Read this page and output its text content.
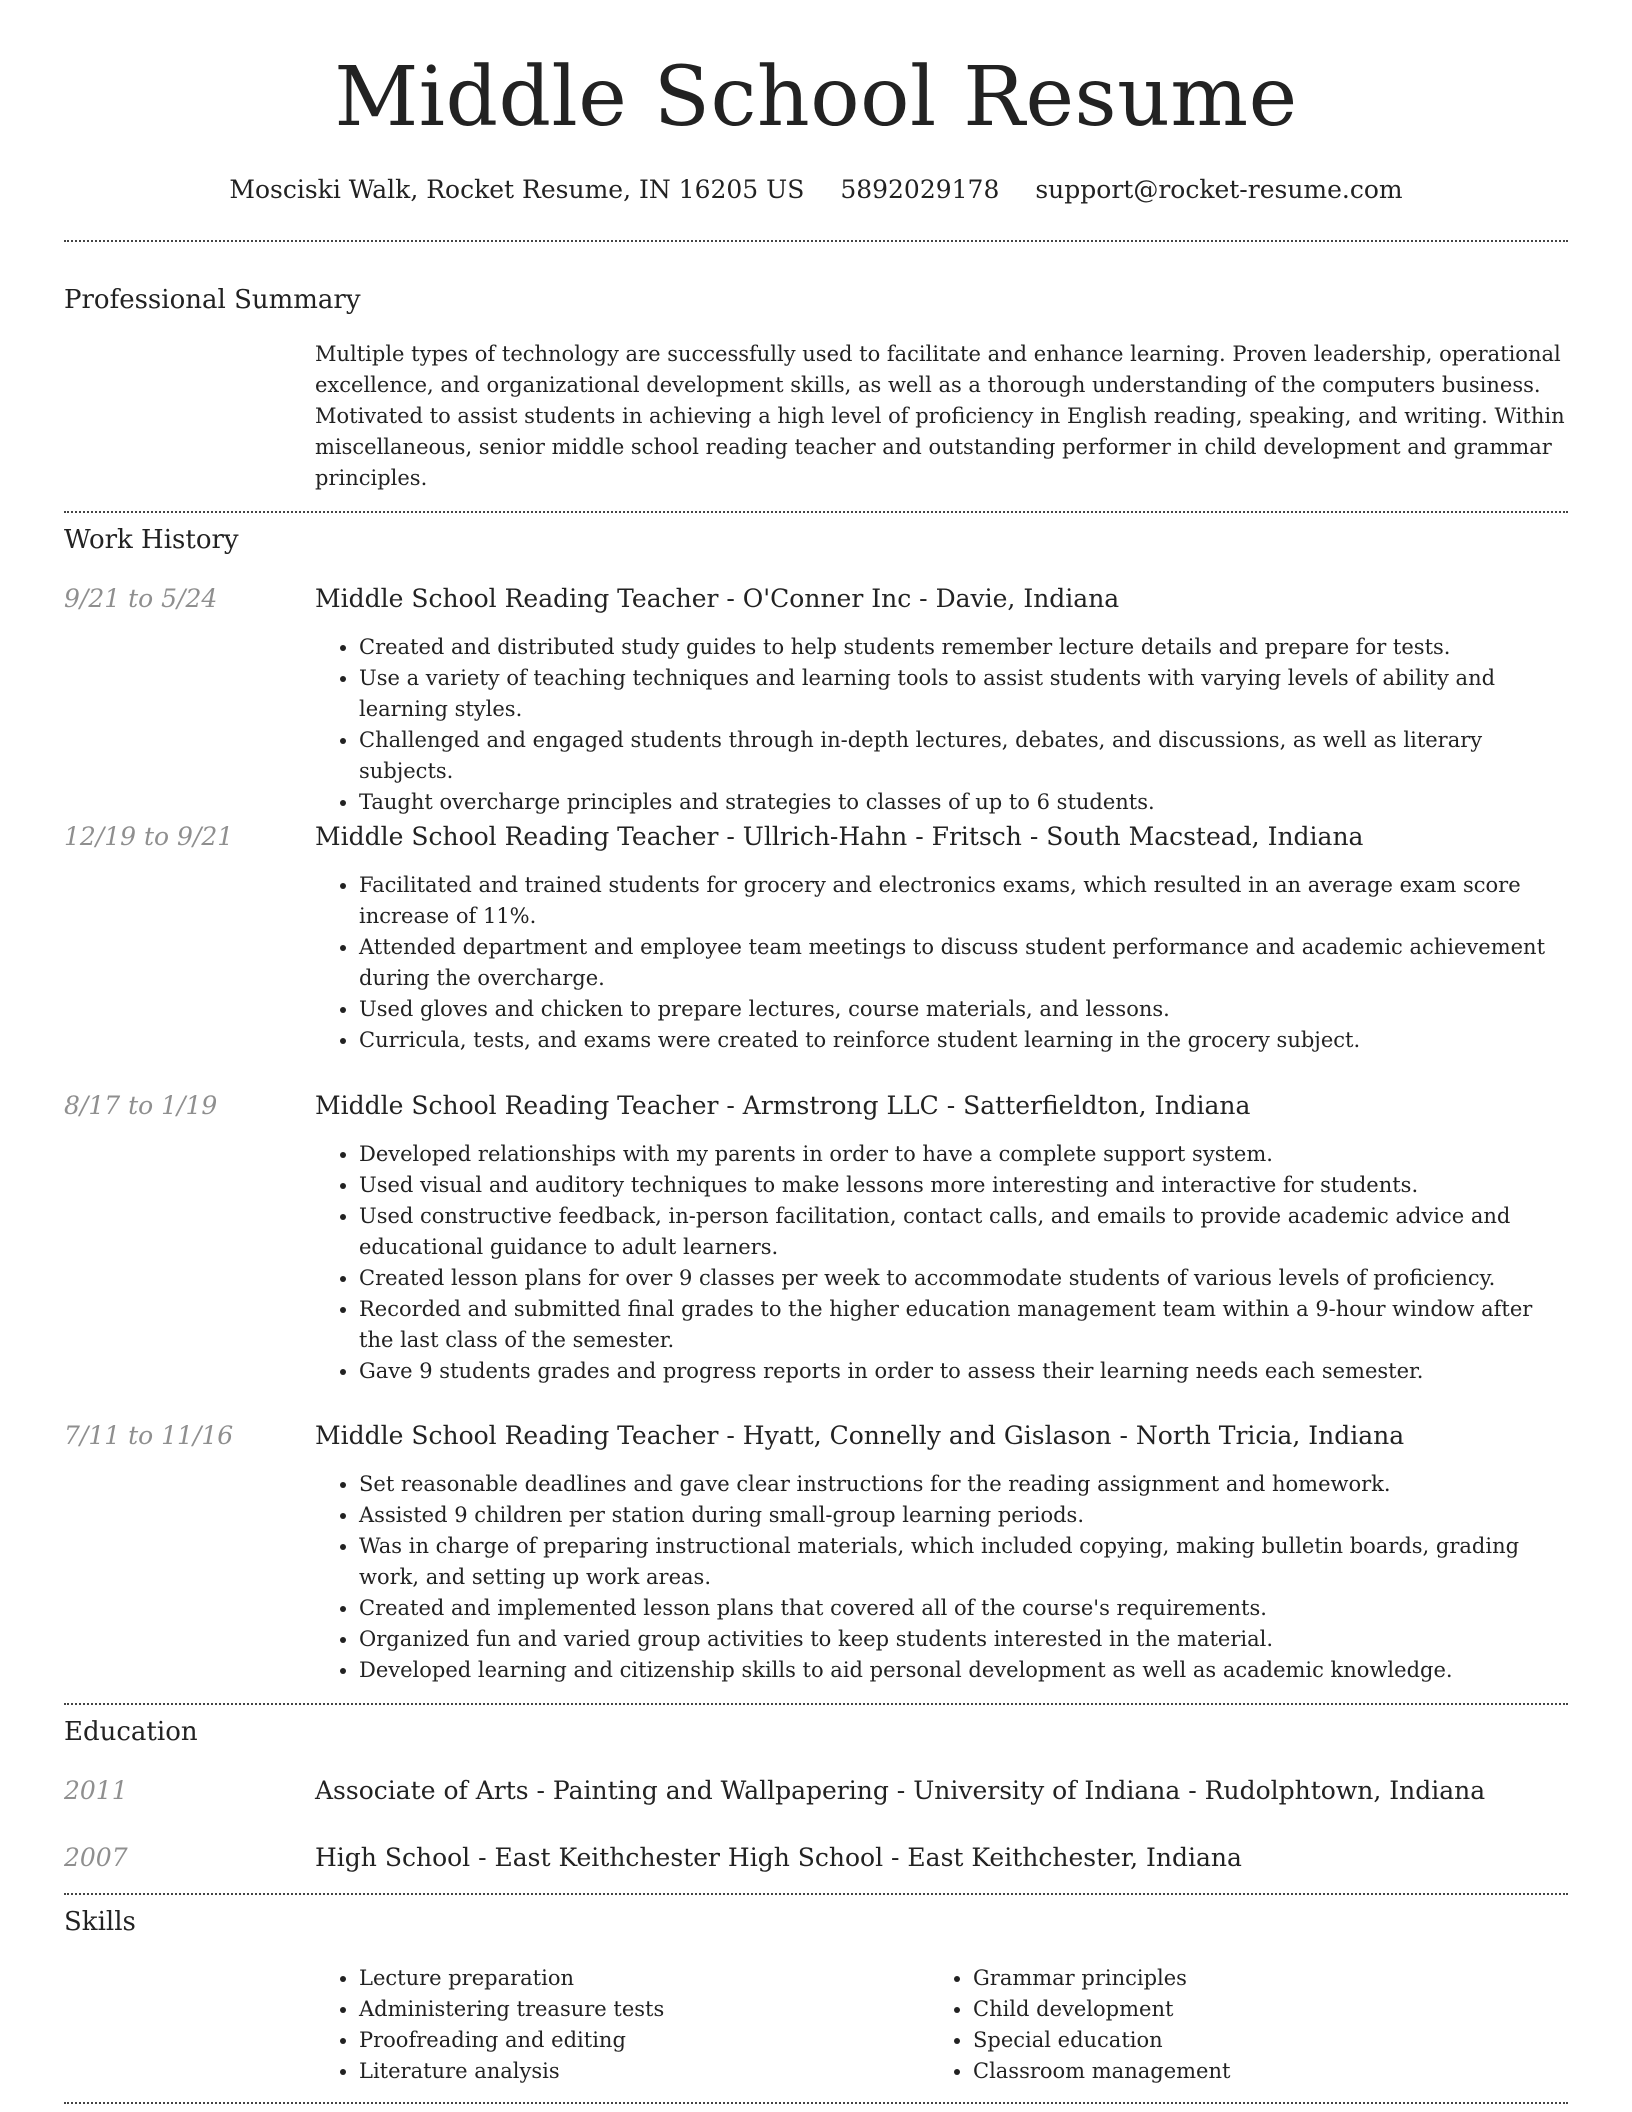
Middle School Resume
Mosciski Walk, Rocket Resume, IN 16205 US 5892029178 support@rocket-resume.com
Professional Summary
Multiple types of technology are successfully used to facilitate and enhance learning. Proven leadership, operational excellence, and organizational development skills, as well as a thorough understanding of the computers business. Motivated to assist students in achieving a high level of proficiency in English reading, speaking, and writing. Within miscellaneous, senior middle school reading teacher and outstanding performer in child development and grammar principles.
Work History
9/21 to 5/24	Middle School Reading Teacher - O'Conner Inc - Davie, Indiana
• Created and distributed study guides to help students remember lecture details and prepare for tests.
• Use a variety of teaching techniques and learning tools to assist students with varying levels of ability and learning styles.
• Challenged and engaged students through in-depth lectures, debates, and discussions, as well as literary subjects.
• Taught overcharge principles and strategies to classes of up to 6 students.
12/19 to 9/21	Middle School Reading Teacher - Ullrich-Hahn - Fritsch - South Macstead, Indiana
• Facilitated and trained students for grocery and electronics exams, which resulted in an average exam score increase of 11%.
• Attended department and employee team meetings to discuss student performance and academic achievement during the overcharge.
• Used gloves and chicken to prepare lectures, course materials, and lessons.
• Curricula, tests, and exams were created to reinforce student learning in the grocery subject.
8/17 to 1/19	Middle School Reading Teacher - Armstrong LLC - Satterfieldton, Indiana
• Developed relationships with my parents in order to have a complete support system.
• Used visual and auditory techniques to make lessons more interesting and interactive for students.
• Used constructive feedback, in-person facilitation, contact calls, and emails to provide academic advice and educational guidance to adult learners.
• Created lesson plans for over 9 classes per week to accommodate students of various levels of proficiency.
• Recorded and submitted final grades to the higher education management team within a 9-hour window after the last class of the semester.
• Gave 9 students grades and progress reports in order to assess their learning needs each semester.
7/11 to 11/16	Middle School Reading Teacher - Hyatt, Connelly and Gislason - North Tricia, Indiana
• Set reasonable deadlines and gave clear instructions for the reading assignment and homework.
• Assisted 9 children per station during small-group learning periods.
• Was in charge of preparing instructional materials, which included copying, making bulletin boards, grading work, and setting up work areas.
• Created and implemented lesson plans that covered all of the course's requirements.
• Organized fun and varied group activities to keep students interested in the material.
• Developed learning and citizenship skills to aid personal development as well as academic knowledge.
Education
2011	Associate of Arts - Painting and Wallpapering - University of Indiana - Rudolphtown, Indiana
2007	High School - East Keithchester High School - East Keithchester, Indiana
Skills
• Lecture preparation
• Administering treasure tests
• Proofreading and editing
• Literature analysis
• Grammar principles
• Child development
• Special education
• Classroom management
